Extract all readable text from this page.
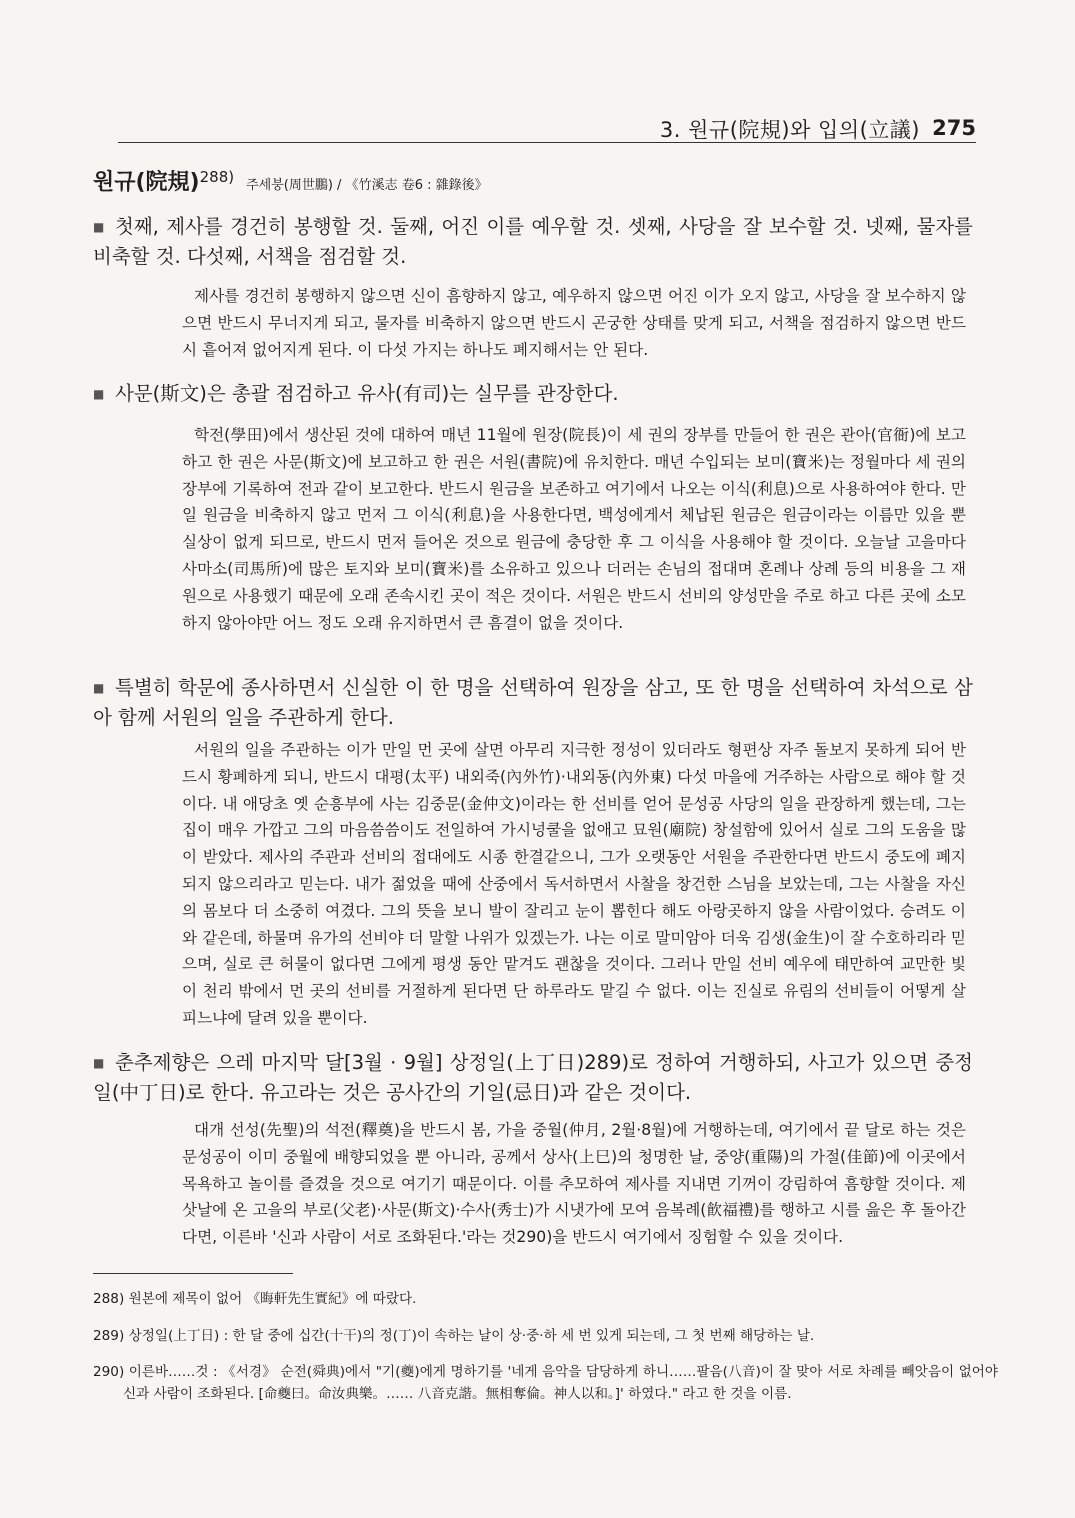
3. 원규(院規)와 입의(立議) 275
원규(院規)288) 주세붕(周世鵬) / 《竹溪志 卷6 : 雜錄後》
■ 첫째, 제사를 경건히 봉행할 것. 둘째, 어진 이를 예우할 것. 셋째, 사당을 잘 보수할 것. 넷째, 물자를 비축할 것. 다섯째, 서책을 점검할 것.
제사를 경건히 봉행하지 않으면 신이 흠향하지 않고, 예우하지 않으면 어진 이가 오지 않고, 사당을 잘 보수하지 않으면 반드시 무너지게 되고, 물자를 비축하지 않으면 반드시 곤궁한 상태를 맞게 되고, 서책을 점검하지 않으면 반드시 흩어져 없어지게 된다. 이 다섯 가지는 하나도 폐지해서는 안 된다.
■ 사문(斯文)은 총괄 점검하고 유사(有司)는 실무를 관장한다.
학전(學田)에서 생산된 것에 대하여 매년 11월에 원장(院長)이 세 권의 장부를 만들어 한 권은 관아(官衙)에 보고하고 한 권은 사문(斯文)에 보고하고 한 권은 서원(書院)에 유치한다. 매년 수입되는 보미(寶米)는 정월마다 세 권의 장부에 기록하여 전과 같이 보고한다. 반드시 원금을 보존하고 여기에서 나오는 이식(利息)으로 사용하여야 한다. 만일 원금을 비축하지 않고 먼저 그 이식(利息)을 사용한다면, 백성에게서 체납된 원금은 원금이라는 이름만 있을 뿐 실상이 없게 되므로, 반드시 먼저 들어온 것으로 원금에 충당한 후 그 이식을 사용해야 할 것이다. 오늘날 고을마다 사마소(司馬所)에 많은 토지와 보미(寶米)를 소유하고 있으나 더러는 손님의 접대며 혼례나 상례 등의 비용을 그 재원으로 사용했기 때문에 오래 존속시킨 곳이 적은 것이다. 서원은 반드시 선비의 양성만을 주로 하고 다른 곳에 소모하지 않아야만 어느 정도 오래 유지하면서 큰 흠결이 없을 것이다.
■ 특별히 학문에 종사하면서 신실한 이 한 명을 선택하여 원장을 삼고, 또 한 명을 선택하여 차석으로 삼아 함께 서원의 일을 주관하게 한다.
서원의 일을 주관하는 이가 만일 먼 곳에 살면 아무리 지극한 정성이 있더라도 형편상 자주 돌보지 못하게 되어 반드시 황폐하게 되니, 반드시 대평(太平) 내외죽(內外竹)·내외동(內外東) 다섯 마을에 거주하는 사람으로 해야 할 것이다. 내 애당초 옛 순흥부에 사는 김중문(金仲文)이라는 한 선비를 얻어 문성공 사당의 일을 관장하게 했는데, 그는 집이 매우 가깝고 그의 마음씀씀이도 전일하여 가시넝쿨을 없애고 묘원(廟院) 창설함에 있어서 실로 그의 도움을 많이 받았다. 제사의 주관과 선비의 접대에도 시종 한결같으니, 그가 오랫동안 서원을 주관한다면 반드시 중도에 폐지되지 않으리라고 믿는다. 내가 젊었을 때에 산중에서 독서하면서 사찰을 창건한 스님을 보았는데, 그는 사찰을 자신의 몸보다 더 소중히 여겼다. 그의 뜻을 보니 발이 잘리고 눈이 뽑힌다 해도 아랑곳하지 않을 사람이었다. 승려도 이와 같은데, 하물며 유가의 선비야 더 말할 나위가 있겠는가. 나는 이로 말미암아 더욱 김생(金生)이 잘 수호하리라 믿으며, 실로 큰 허물이 없다면 그에게 평생 동안 맡겨도 괜찮을 것이다. 그러나 만일 선비 예우에 태만하여 교만한 빛이 천리 밖에서 먼 곳의 선비를 거절하게 된다면 단 하루라도 맡길 수 없다. 이는 진실로 유림의 선비들이 어떻게 살피느냐에 달려 있을 뿐이다.
■ 춘추제향은 으레 마지막 달[3월 · 9월] 상정일(上丁日)289)로 정하여 거행하되, 사고가 있으면 중정일(中丁日)로 한다. 유고라는 것은 공사간의 기일(忌日)과 같은 것이다.
대개 선성(先聖)의 석전(釋奠)을 반드시 봄, 가을 중월(仲月, 2월·8월)에 거행하는데, 여기에서 끝 달로 하는 것은 문성공이 이미 중월에 배향되었을 뿐 아니라, 공께서 상사(上巳)의 청명한 날, 중양(重陽)의 가절(佳節)에 이곳에서 목욕하고 놀이를 즐겼을 것으로 여기기 때문이다. 이를 추모하여 제사를 지내면 기꺼이 강림하여 흠향할 것이다. 제삿날에 온 고을의 부로(父老)·사문(斯文)·수사(秀士)가 시냇가에 모여 음복례(飮福禮)를 행하고 시를 읊은 후 돌아간다면, 이른바 '신과 사람이 서로 조화된다.'라는 것290)을 반드시 여기에서 징험할 수 있을 것이다.
288) 원본에 제목이 없어 《晦軒先生實紀》에 따랐다.
289) 상정일(上丁日) : 한 달 중에 십간(十干)의 정(丁)이 속하는 날이 상·중·하 세 번 있게 되는데, 그 첫 번째 해당하는 날.
290) 이른바……것 : 《서경》 순전(舜典)에서 "기(夔)에게 명하기를 '네게 음악을 담당하게 하니……팔음(八音)이 잘 맞아 서로 차례를 빼앗음이 없어야 신과 사람이 조화된다. [命夔曰。命汝典樂。…… 八音克諧。無相奪倫。神人以和。]' 하였다." 라고 한 것을 이름.
